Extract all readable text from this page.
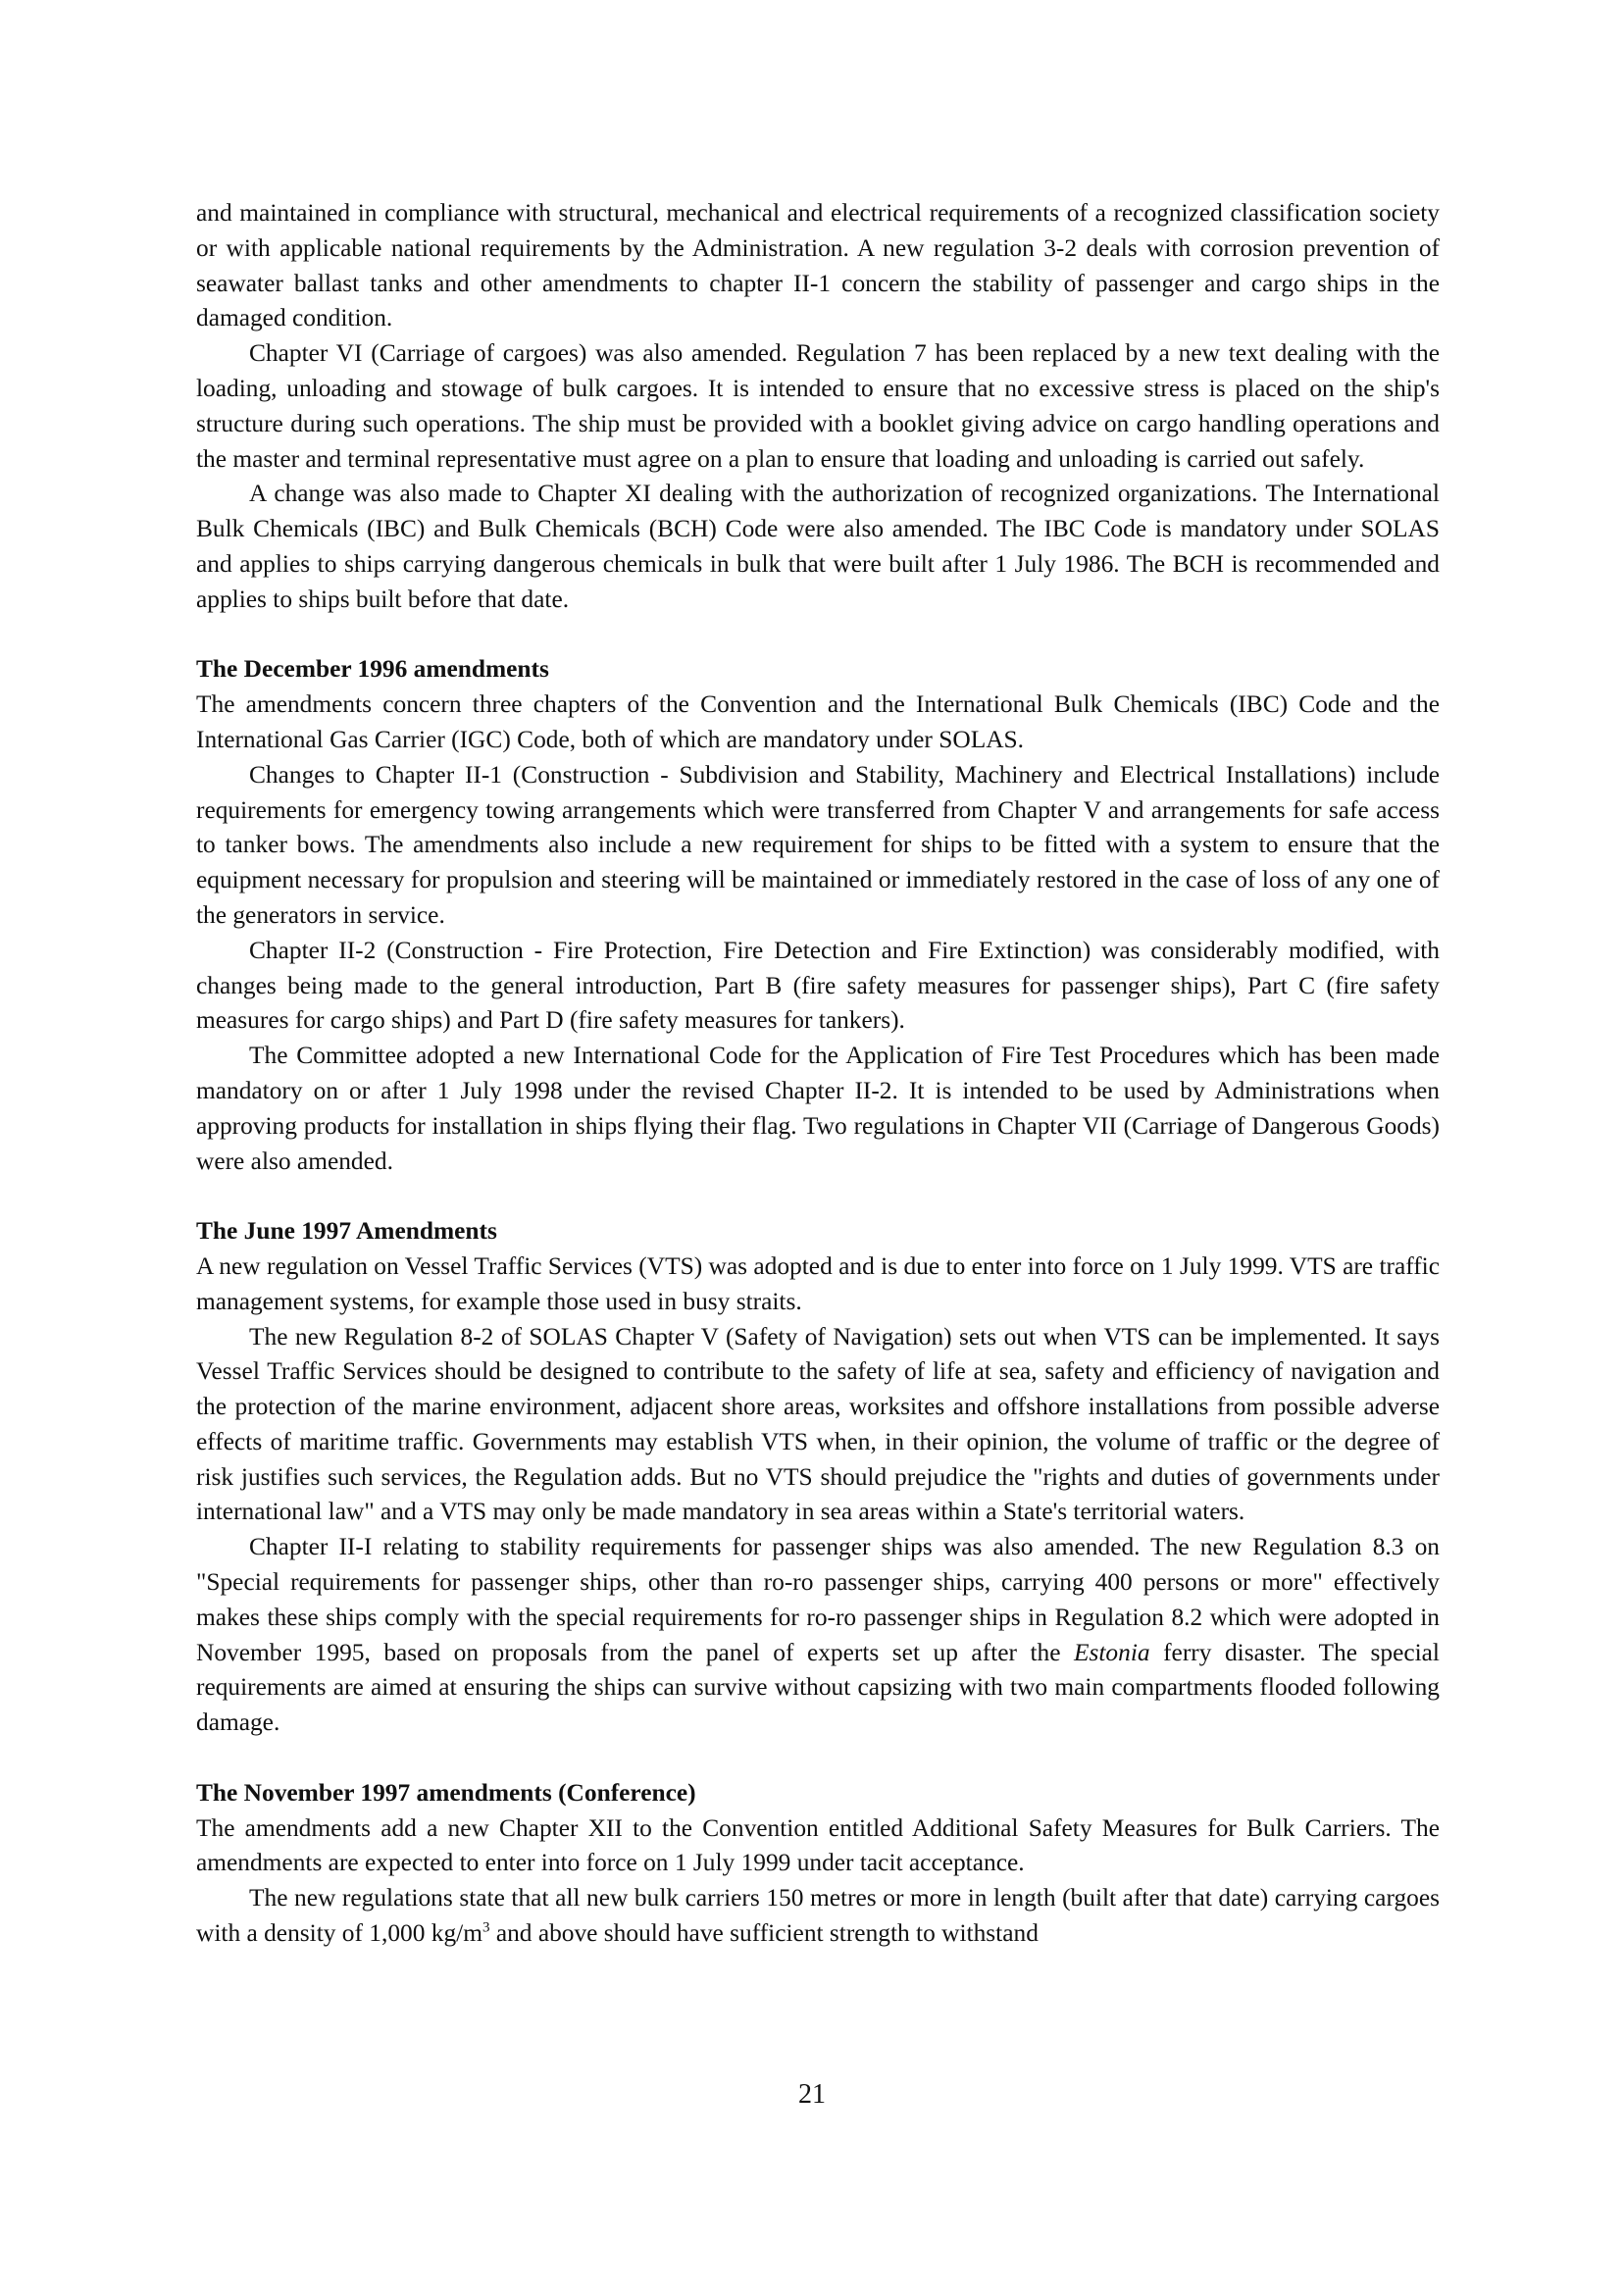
and maintained in compliance with structural, mechanical and electrical requirements of a recognized classification society or with applicable national requirements by the Administration. A new regulation 3-2 deals with corrosion prevention of seawater ballast tanks and other amendments to chapter II-1 concern the stability of passenger and cargo ships in the damaged condition.

Chapter VI (Carriage of cargoes) was also amended. Regulation 7 has been replaced by a new text dealing with the loading, unloading and stowage of bulk cargoes. It is intended to ensure that no excessive stress is placed on the ship's structure during such operations. The ship must be provided with a booklet giving advice on cargo handling operations and the master and terminal representative must agree on a plan to ensure that loading and unloading is carried out safely.

A change was also made to Chapter XI dealing with the authorization of recognized organizations. The International Bulk Chemicals (IBC) and Bulk Chemicals (BCH) Code were also amended. The IBC Code is mandatory under SOLAS and applies to ships carrying dangerous chemicals in bulk that were built after 1 July 1986. The BCH is recommended and applies to ships built before that date.

The December 1996 amendments

The amendments concern three chapters of the Convention and the International Bulk Chemicals (IBC) Code and the International Gas Carrier (IGC) Code, both of which are mandatory under SOLAS.

Changes to Chapter II-1 (Construction - Subdivision and Stability, Machinery and Electrical Installations) include requirements for emergency towing arrangements which were transferred from Chapter V and arrangements for safe access to tanker bows. The amendments also include a new requirement for ships to be fitted with a system to ensure that the equipment necessary for propulsion and steering will be maintained or immediately restored in the case of loss of any one of the generators in service.

Chapter II-2 (Construction - Fire Protection, Fire Detection and Fire Extinction) was considerably modified, with changes being made to the general introduction, Part B (fire safety measures for passenger ships), Part C (fire safety measures for cargo ships) and Part D (fire safety measures for tankers).

The Committee adopted a new International Code for the Application of Fire Test Procedures which has been made mandatory on or after 1 July 1998 under the revised Chapter II-2. It is intended to be used by Administrations when approving products for installation in ships flying their flag. Two regulations in Chapter VII (Carriage of Dangerous Goods) were also amended.

The June 1997 Amendments

A new regulation on Vessel Traffic Services (VTS) was adopted and is due to enter into force on 1 July 1999. VTS are traffic management systems, for example those used in busy straits.

The new Regulation 8-2 of SOLAS Chapter V (Safety of Navigation) sets out when VTS can be implemented. It says Vessel Traffic Services should be designed to contribute to the safety of life at sea, safety and efficiency of navigation and the protection of the marine environment, adjacent shore areas, worksites and offshore installations from possible adverse effects of maritime traffic. Governments may establish VTS when, in their opinion, the volume of traffic or the degree of risk justifies such services, the Regulation adds. But no VTS should prejudice the "rights and duties of governments under international law" and a VTS may only be made mandatory in sea areas within a State's territorial waters.

Chapter II-I relating to stability requirements for passenger ships was also amended. The new Regulation 8.3 on "Special requirements for passenger ships, other than ro-ro passenger ships, carrying 400 persons or more" effectively makes these ships comply with the special requirements for ro-ro passenger ships in Regulation 8.2 which were adopted in November 1995, based on proposals from the panel of experts set up after the Estonia ferry disaster. The special requirements are aimed at ensuring the ships can survive without capsizing with two main compartments flooded following damage.

The November 1997 amendments (Conference)

The amendments add a new Chapter XII to the Convention entitled Additional Safety Measures for Bulk Carriers. The amendments are expected to enter into force on 1 July 1999 under tacit acceptance.

The new regulations state that all new bulk carriers 150 metres or more in length (built after that date) carrying cargoes with a density of 1,000 $kg/m^3$ and above should have sufficient strength to withstand

21
